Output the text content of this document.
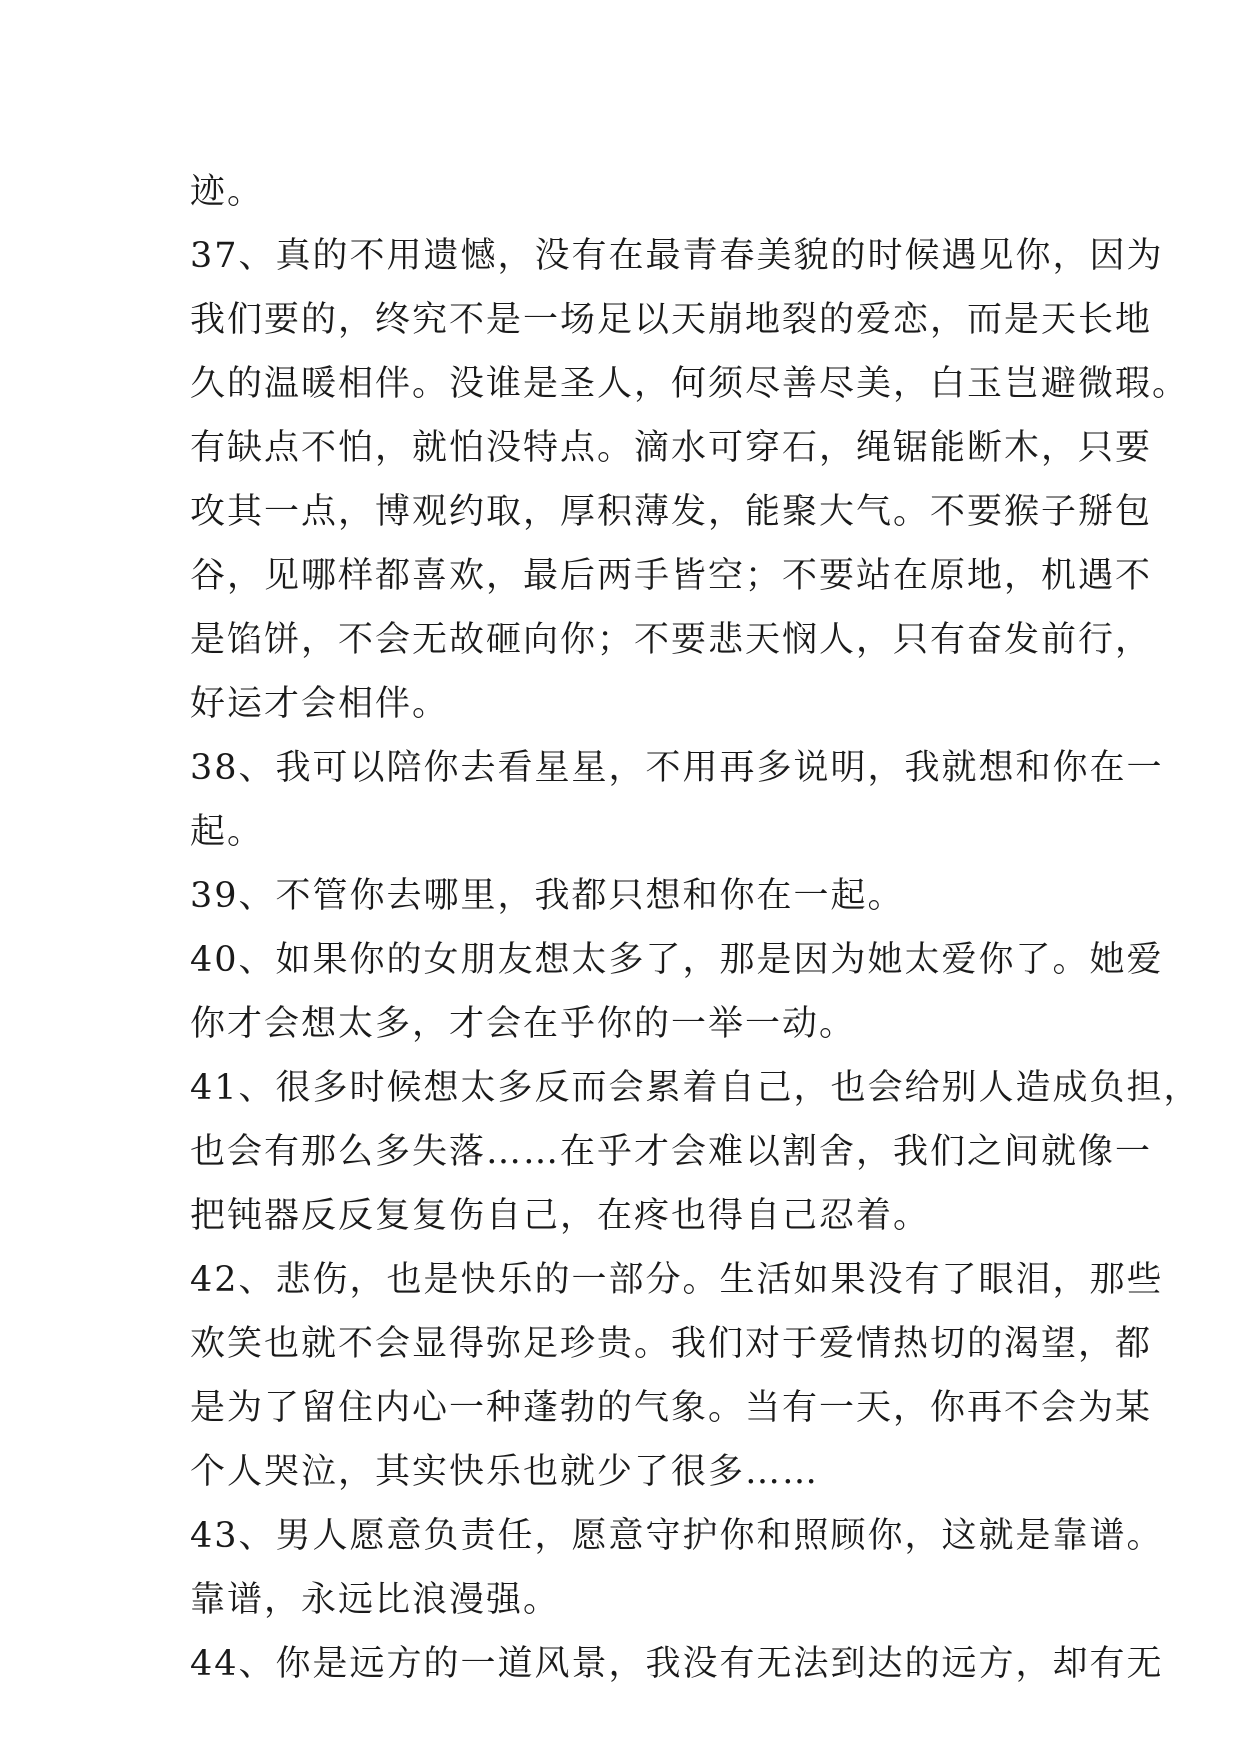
迹。
37、真的不用遗憾，没有在最青春美貌的时候遇见你，因为
我们要的，终究不是一场足以天崩地裂的爱恋，而是天长地
久的温暖相伴。没谁是圣人，何须尽善尽美，白玉岂避微瑕。
有缺点不怕，就怕没特点。滴水可穿石，绳锯能断木，只要
攻其一点，博观约取，厚积薄发，能聚大气。不要猴子掰包
谷，见哪样都喜欢，最后两手皆空；不要站在原地，机遇不
是馅饼，不会无故砸向你；不要悲天悯人，只有奋发前行，
好运才会相伴。
38、我可以陪你去看星星，不用再多说明，我就想和你在一
起。
39、不管你去哪里，我都只想和你在一起。
40、如果你的女朋友想太多了，那是因为她太爱你了。她爱
你才会想太多，才会在乎你的一举一动。
41、很多时候想太多反而会累着自己，也会给别人造成负担，
也会有那么多失落……在乎才会难以割舍，我们之间就像一
把钝器反反复复伤自己，在疼也得自己忍着。
42、悲伤，也是快乐的一部分。生活如果没有了眼泪，那些
欢笑也就不会显得弥足珍贵。我们对于爱情热切的渴望，都
是为了留住内心一种蓬勃的气象。当有一天，你再不会为某
个人哭泣，其实快乐也就少了很多……
43、男人愿意负责任，愿意守护你和照顾你，这就是靠谱。
靠谱，永远比浪漫强。
44、你是远方的一道风景，我没有无法到达的远方，却有无
